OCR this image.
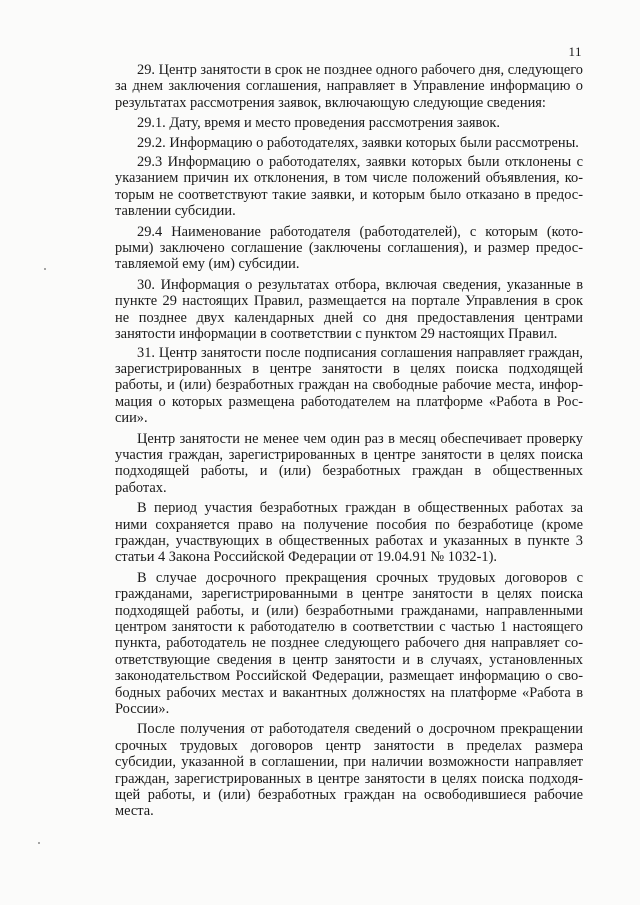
11

29. Центр занятости в срок не позднее одного рабочего дня, следующего за днем заключения соглашения, направляет в Управление информацию о результатах рассмотрения заявок, включающую следующие сведения:

29.1. Дату, время и место проведения рассмотрения заявок.

29.2. Информацию о работодателях, заявки которых были рассмотрены.

29.3 Информацию о работодателях, заявки которых были отклонены с указанием причин их отклонения, в том числе положений объявления, которым не соответствуют такие заявки, и которым было отказано в предоставлении субсидии.

29.4 Наименование работодателя (работодателей), с которым (которыми) заключено соглашение (заключены соглашения), и размер предоставляемой ему (им) субсидии.

30. Информация о результатах отбора, включая сведения, указанные в пункте 29 настоящих Правил, размещается на портале Управления в срок не позднее двух календарных дней со дня предоставления центрами занятости информации в соответствии с пунктом 29 настоящих Правил.

31. Центр занятости после подписания соглашения направляет граждан, зарегистрированных в центре занятости в целях поиска подходящей работы, и (или) безработных граждан на свободные рабочие места, информация о которых размещена работодателем на платформе «Работа в России».

Центр занятости не менее чем один раз в месяц обеспечивает проверку участия граждан, зарегистрированных в центре занятости в целях поиска подходящей работы, и (или) безработных граждан в общественных работах.

В период участия безработных граждан в общественных работах за ними сохраняется право на получение пособия по безработице (кроме граждан, участвующих в общественных работах и указанных в пункте 3 статьи 4 Закона Российской Федерации от 19.04.91 № 1032-1).

В случае досрочного прекращения срочных трудовых договоров с гражданами, зарегистрированными в центре занятости в целях поиска подходящей работы, и (или) безработными гражданами, направленными центром занятости к работодателю в соответствии с частью 1 настоящего пункта, работодатель не позднее следующего рабочего дня направляет соответствующие сведения в центр занятости и в случаях, установленных законодательством Российской Федерации, размещает информацию о свободных рабочих местах и вакантных должностях на платформе «Работа в России».

После получения от работодателя сведений о досрочном прекращении срочных трудовых договоров центр занятости в пределах размера субсидии, указанной в соглашении, при наличии возможности направляет граждан, зарегистрированных в центре занятости в целях поиска подходящей работы, и (или) безработных граждан на освободившиеся рабочие места.
